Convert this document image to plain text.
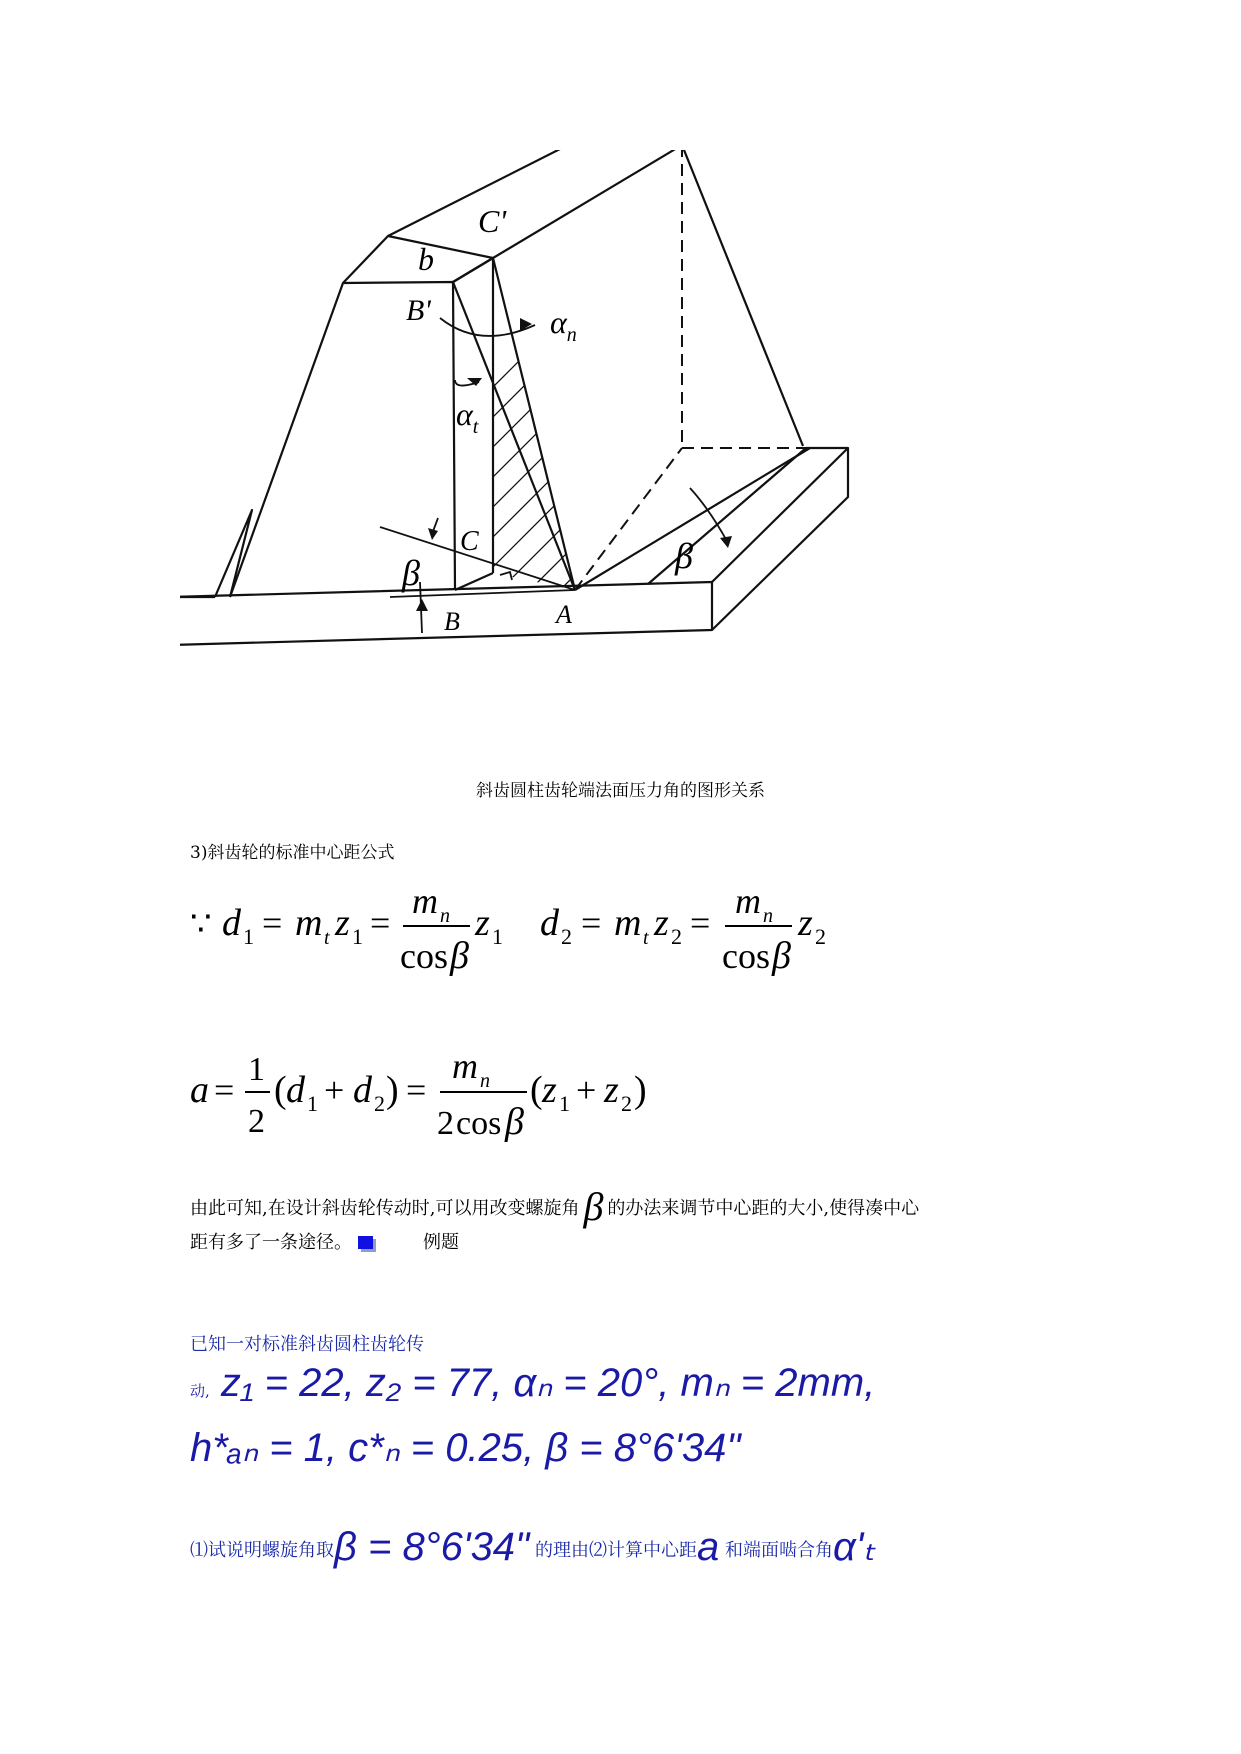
C'
b
B'	$\alpha_n$
$\alpha_t$
C
β	β
B	A
斜齿圆柱齿轮端法面压力角的图形关系
3)斜齿轮的标准中心距公式
∵ d 1 = m t z 1 =
m n
cos β
z 1 d 2 = m t z 2 =
m n
cos β
z 2
a =
1
2
( d 1 + d 2 ) =
m n
2 cos β
( z 1 + z 2 )
由此可知,在设计斜齿轮传动时,可以用改变螺旋角 β 的办法来调节中心距的大小,使得凑中心
距有多了一条途径。	例题
已知一对标准斜齿圆柱齿轮传
动, z₁ = 22, z₂ = 77, αₙ = 20°, mₙ = 2mm,
h*ₐₙ = 1, c*ₙ = 0.25, β = 8°6'34"
⑴试说明螺旋角取β = 8°6'34" 的理由⑵计算中心距a 和端面啮合角α'ₜ
